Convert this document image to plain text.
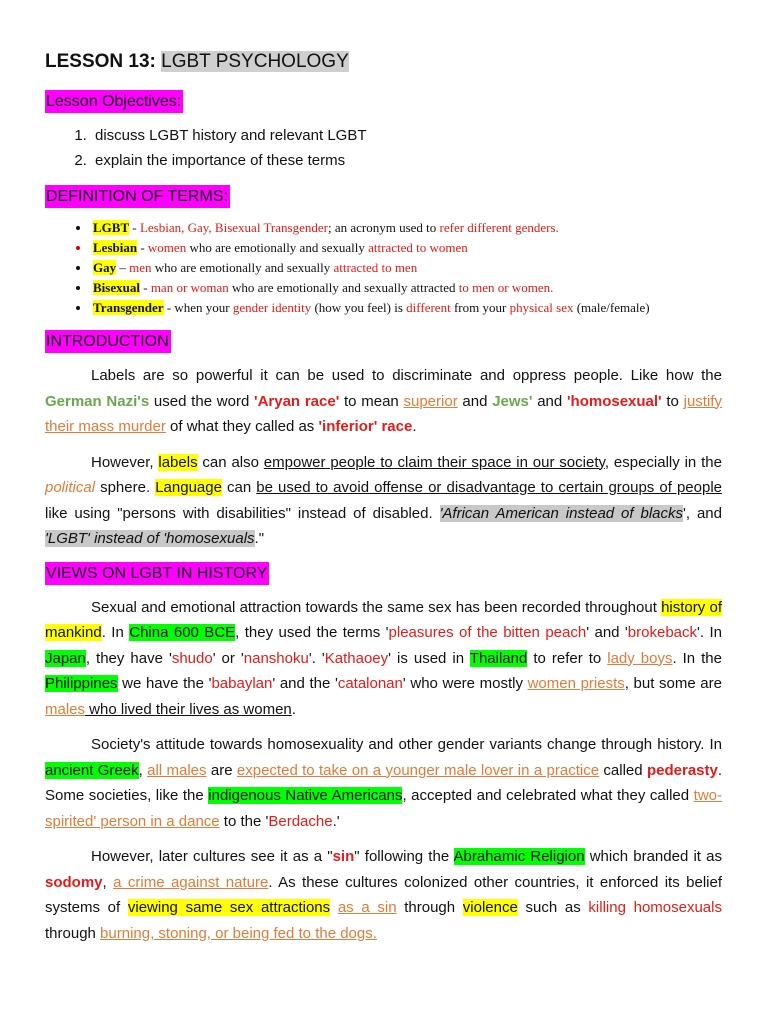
LESSON 13: LGBT PSYCHOLOGY
Lesson Objectives:
1. discuss LGBT history and relevant LGBT
2. explain the importance of these terms
DEFINITION OF TERMS:
• LGBT - Lesbian, Gay, Bisexual Transgender; an acronym used to refer different genders.
• Lesbian - women who are emotionally and sexually attracted to women
• Gay – men who are emotionally and sexually attracted to men
• Bisexual - man or woman who are emotionally and sexually attracted to men or women.
• Transgender - when your gender identity (how you feel) is different from your physical sex (male/female)
INTRODUCTION

Labels are so powerful it can be used to discriminate and oppress people. Like how the German Nazi's used the word 'Aryan race' to mean superior and Jews' and 'homosexual' to justify their mass murder of what they called as 'inferior' race.

However, labels can also empower people to claim their space in our society, especially in the political sphere. Language can be used to avoid offense or disadvantage to certain groups of people like using "persons with disabilities" instead of disabled. 'African American instead of blacks', and 'LGBT' instead of 'homosexuals."

VIEWS ON LGBT IN HISTORY

Sexual and emotional attraction towards the same sex has been recorded throughout history of mankind. In China 600 BCE, they used the terms 'pleasures of the bitten peach' and 'brokeback'. In Japan, they have 'shudo' or 'nanshoku'. 'Kathaoey' is used in Thailand to refer to lady boys. In the Philippines we have the 'babaylan' and the 'catalonan' who were mostly women priests, but some are males who lived their lives as women.

Society's attitude towards homosexuality and other gender variants change through history. In ancient Greek, all males are expected to take on a younger male lover in a practice called pederasty. Some societies, like the indigenous Native Americans, accepted and celebrated what they called two-spirited' person in a dance to the 'Berdache.'

However, later cultures see it as a "sin" following the Abrahamic Religion which branded it as sodomy, a crime against nature. As these cultures colonized other countries, it enforced its belief systems of viewing same sex attractions as a sin through violence such as killing homosexuals through burning, stoning, or being fed to the dogs.
